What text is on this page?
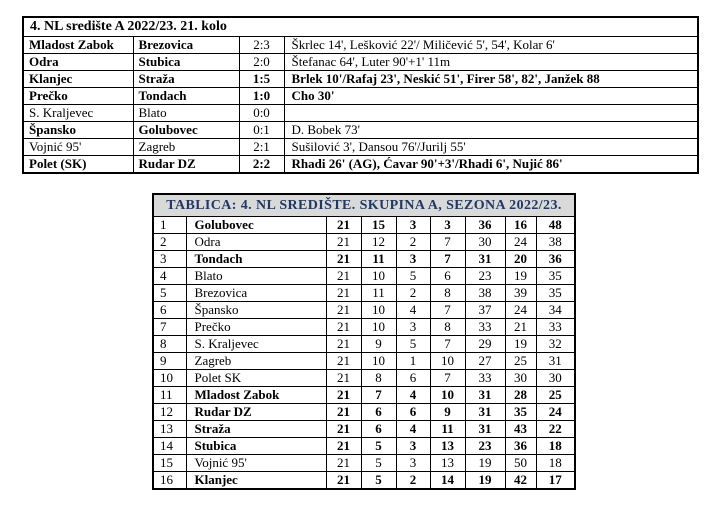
4. NL središte A 2022/23. 21. kolo			
Mladost Zabok	Brezovica	2:3	Škrlec 14', Lešković 22'/ Miličević 5', 54', Kolar 6'
Odra	Stubica	2:0	Štefanac 64', Luter 90'+1' 11m
Klanjec	Straža	1:5	Brlek 10'/Rafaj 23', Neskić 51', Firer 58', 82', Janžek 88
Prečko	Tondach	1:0	Cho 30'
S. Kraljevec	Blato	0:0	
Špansko	Golubovec	0:1	D. Bobek 73'
Vojnić 95'	Zagreb	2:1	Sušilović 3', Dansou 76'/Jurilj 55'
Polet (SK)	Rudar DZ	2:2	Rhadi 26' (AG), Ćavar 90'+3'/Rhadi 6', Nujić 86'
TABLICA: 4. NL SREDIŠTE. SKUPINA A, SEZONA 2022/23.								
1	Golubovec	21	15	3	3	36	16	48
2	Odra	21	12	2	7	30	24	38
3	Tondach	21	11	3	7	31	20	36
4	Blato	21	10	5	6	23	19	35
5	Brezovica	21	11	2	8	38	39	35
6	Špansko	21	10	4	7	37	24	34
7	Prečko	21	10	3	8	33	21	33
8	S. Kraljevec	21	9	5	7	29	19	32
9	Zagreb	21	10	1	10	27	25	31
10	Polet SK	21	8	6	7	33	30	30
11	Mladost Zabok	21	7	4	10	31	28	25
12	Rudar DZ	21	6	6	9	31	35	24
13	Straža	21	6	4	11	31	43	22
14	Stubica	21	5	3	13	23	36	18
15	Vojnić 95'	21	5	3	13	19	50	18
16	Klanjec	21	5	2	14	19	42	17
